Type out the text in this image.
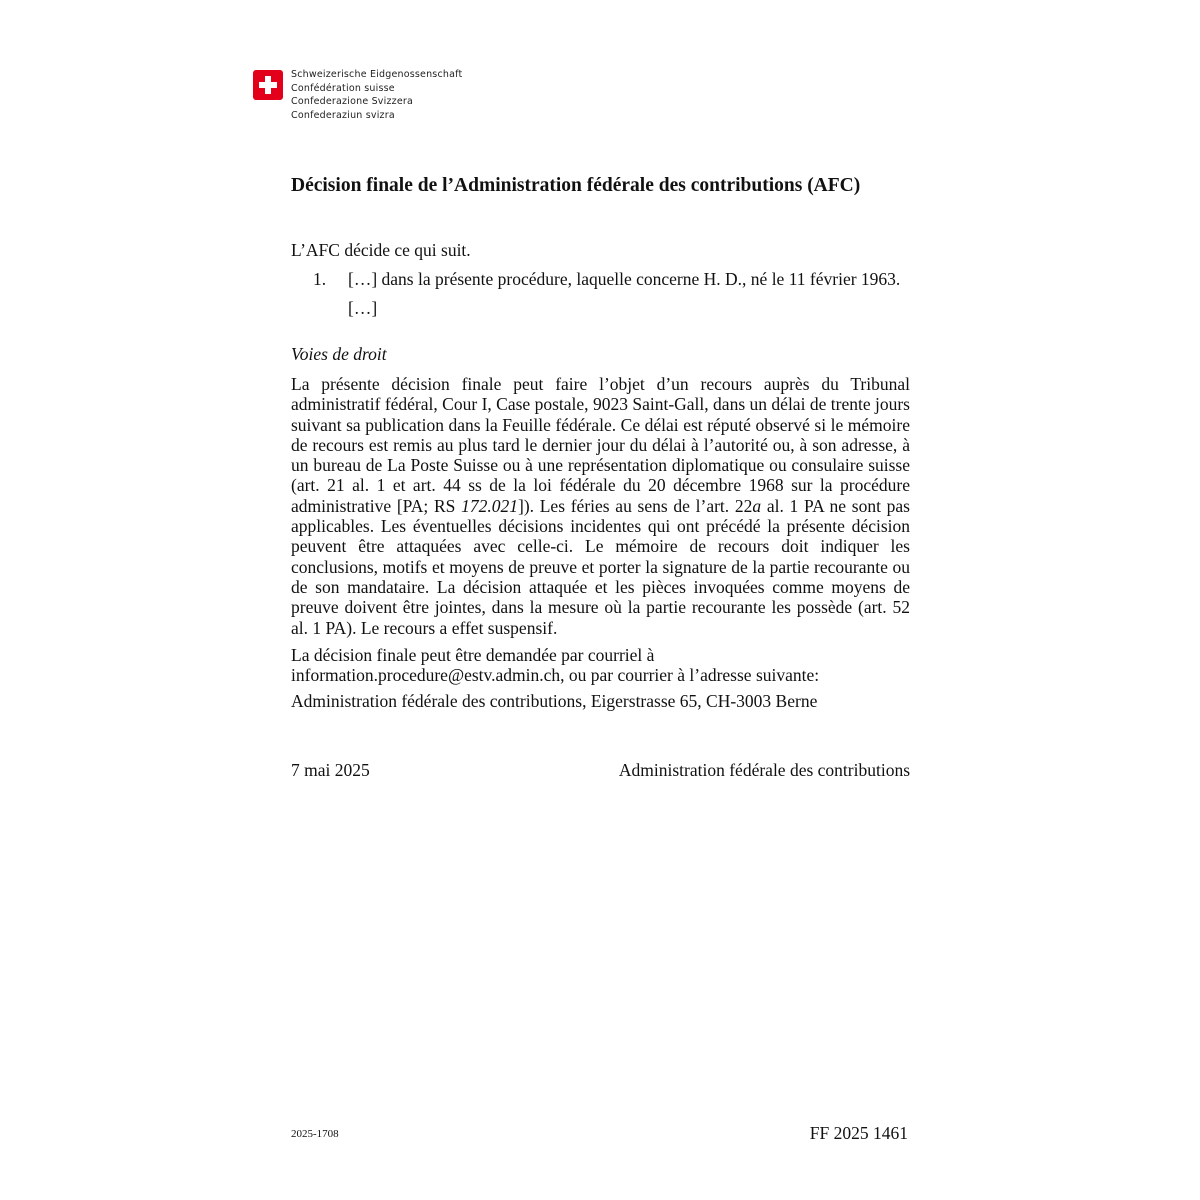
Schweizerische Eidgenossenschaft
Confédération suisse
Confederazione Svizzera
Confederaziun svizra
Décision finale de l’Administration fédérale des contributions (AFC)
L’AFC décide ce qui suit.
1. […] dans la présente procédure, laquelle concerne H. D., né le 11 février 1963.
[…]
Voies de droit

La présente décision finale peut faire l’objet d’un recours auprès du Tribunal administratif fédéral, Cour I, Case postale, 9023 Saint-Gall, dans un délai de trente jours suivant sa publication dans la Feuille fédérale. Ce délai est réputé observé si le mémoire de recours est remis au plus tard le dernier jour du délai à l’autorité ou, à son adresse, à un bureau de La Poste Suisse ou à une représentation diplomatique ou consulaire suisse (art. 21 al. 1 et art. 44 ss de la loi fédérale du 20 décembre 1968 sur la procédure administrative [PA; RS 172.021]). Les féries au sens de l’art. 22a al. 1 PA ne sont pas applicables. Les éventuelles décisions incidentes qui ont précédé la présente décision peuvent être attaquées avec celle-ci. Le mémoire de recours doit indiquer les conclusions, motifs et moyens de preuve et porter la signature de la partie recourante ou de son mandataire. La décision attaquée et les pièces invoquées comme moyens de preuve doivent être jointes, dans la mesure où la partie recourante les possède (art. 52 al. 1 PA). Le recours a effet suspensif.

La décision finale peut être demandée par courriel à
information.procedure@estv.admin.ch, ou par courrier à l’adresse suivante:

Administration fédérale des contributions, Eigerstrasse 65, CH-3003 Berne

7 mai 2025	Administration fédérale des contributions
2025-1708	FF 2025 1461
